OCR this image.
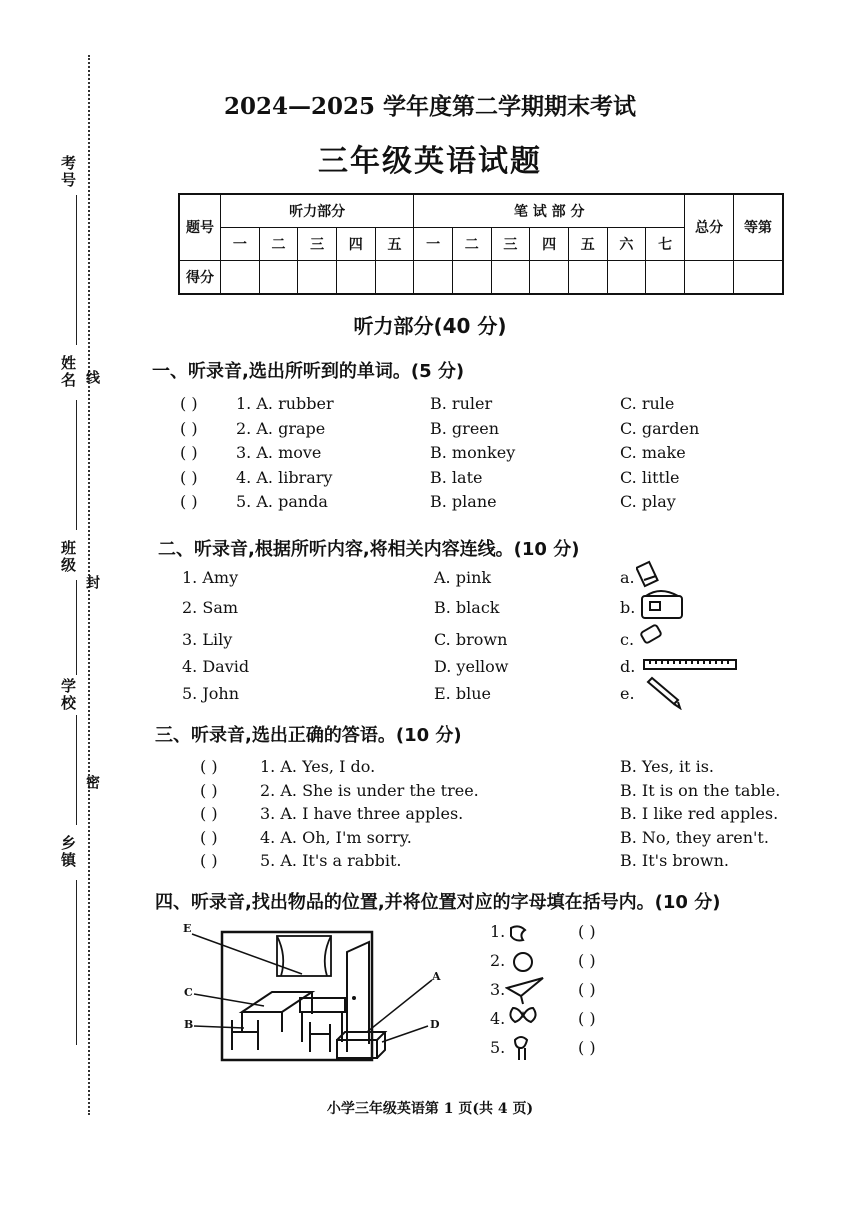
考号
姓名 线
班级
封
学校
密
乡镇
2024—2025 学年度第二学期期末考试
三年级英语试题
题号	听力部分					笔 试 部 分							总分	等第
	一	二	三	四	五	一	二	三	四	五	六	七		
得分														
听力部分(40 分)
一、听录音,选出所听到的单词。(5 分)
( ) 1. A. rubber	B. ruler	C. rule
( ) 2. A. grape	B. green	C. garden
( ) 3. A. move	B. monkey	C. make
( ) 4. A. library	B. late	C. little
( ) 5. A. panda	B. plane	C. play
二、听录音,根据所听内容,将相关内容连线。(10 分)
1. Amy	A. pink	a.
2. Sam	B. black	b.
3. Lily	C. brown	c.
4. David	D. yellow	d.
5. John	E. blue	e.
三、听录音,选出正确的答语。(10 分)
( )	1. A. Yes, I do.	B. Yes, it is.
( )	2. A. She is under the tree.	B. It is on the table.
( )	3. A. I have three apples.	B. I like red apples.
( )	4. A. Oh, I'm sorry.	B. No, they aren't.
( )	5. A. It's a rabbit.	B. It's brown.
四、听录音,找出物品的位置,并将位置对应的字母填在括号内。(10 分)
E
C
B
A
D
1.	( )
2.	( )
3.	( )
4.	( )
5.	( )
小学三年级英语第 1 页(共 4 页)
